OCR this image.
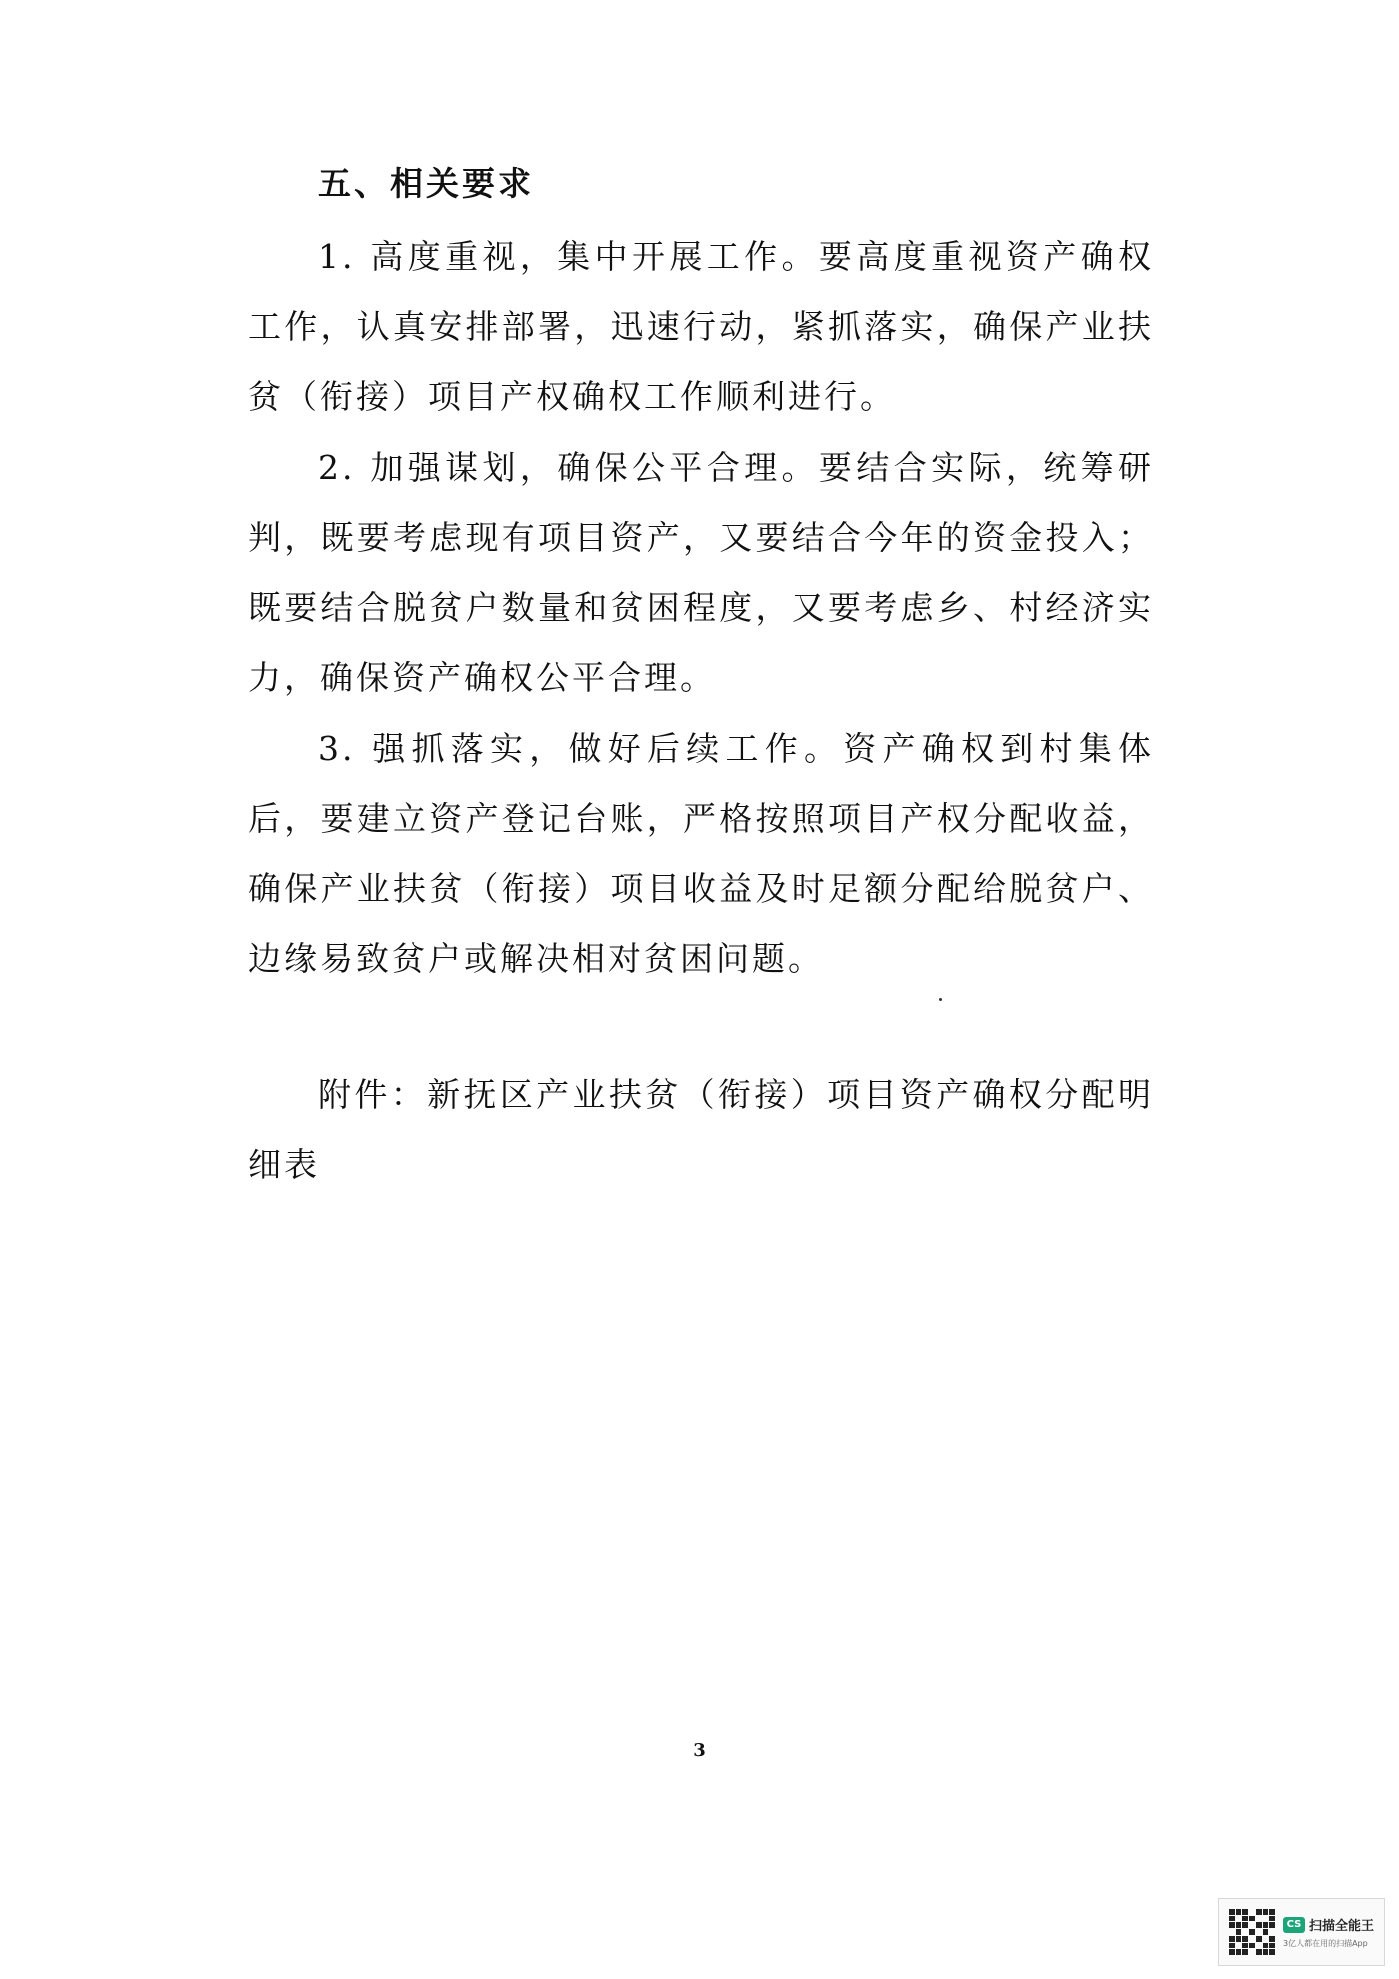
五、相关要求

1. 高度重视，集中开展工作。要高度重视资产确权工作，认真安排部署，迅速行动，紧抓落实，确保产业扶贫（衔接）项目产权确权工作顺利进行。

2. 加强谋划，确保公平合理。要结合实际，统筹研判，既要考虑现有项目资产，又要结合今年的资金投入；既要结合脱贫户数量和贫困程度，又要考虑乡、村经济实力，确保资产确权公平合理。

3. 强抓落实，做好后续工作。资产确权到村集体后，要建立资产登记台账，严格按照项目产权分配收益，确保产业扶贫（衔接）项目收益及时足额分配给脱贫户、边缘易致贫户或解决相对贫困问题。

附件：新抚区产业扶贫（衔接）项目资产确权分配明细表

3
CS 扫描全能王
3亿人都在用的扫描App
